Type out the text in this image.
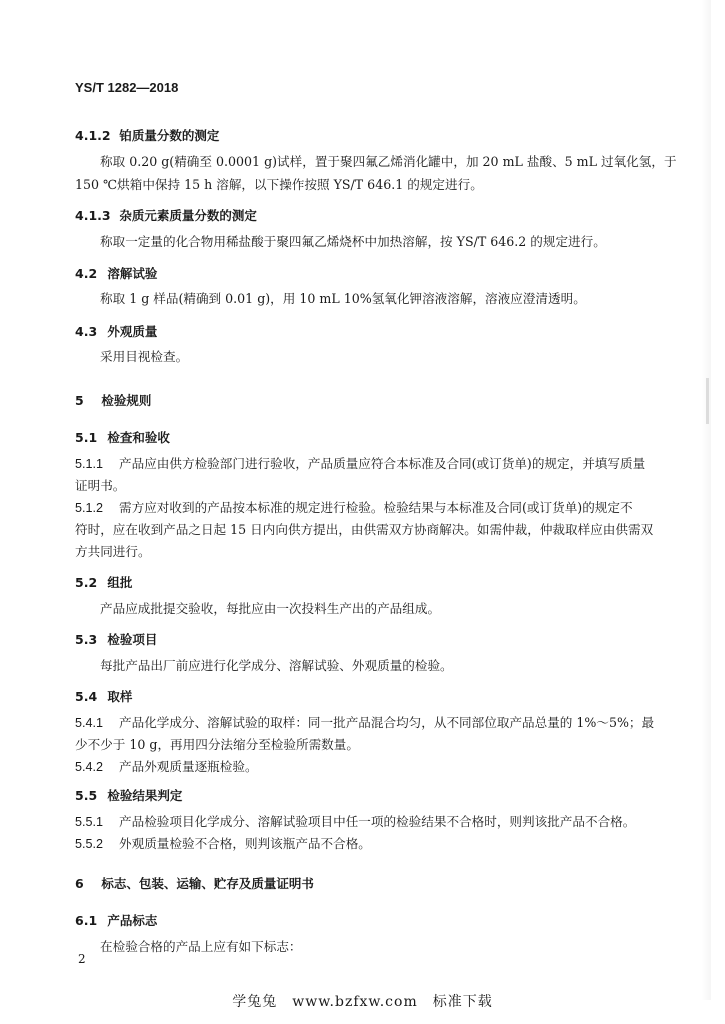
YS/T 1282—2018
4.1.2 铂质量分数的测定
称取 0.20 g(精确至 0.0001 g)试样，置于聚四氟乙烯消化罐中，加 20 mL 盐酸、5 mL 过氧化氢，于
150 ℃烘箱中保持 15 h 溶解，以下操作按照 YS/T 646.1 的规定进行。
4.1.3 杂质元素质量分数的测定
称取一定量的化合物用稀盐酸于聚四氟乙烯烧杯中加热溶解，按 YS/T 646.2 的规定进行。
4.2 溶解试验
称取 1 g 样品(精确到 0.01 g)，用 10 mL 10%氢氧化钾溶液溶解，溶液应澄清透明。
4.3 外观质量
采用目视检查。
5 检验规则
5.1 检查和验收
5.1.1 产品应由供方检验部门进行验收，产品质量应符合本标准及合同(或订货单)的规定，并填写质量
证明书。
5.1.2 需方应对收到的产品按本标准的规定进行检验。检验结果与本标准及合同(或订货单)的规定不
符时，应在收到产品之日起 15 日内向供方提出，由供需双方协商解决。如需仲裁，仲裁取样应由供需双
方共同进行。
5.2 组批
产品应成批提交验收，每批应由一次投料生产出的产品组成。
5.3 检验项目
每批产品出厂前应进行化学成分、溶解试验、外观质量的检验。
5.4 取样
5.4.1 产品化学成分、溶解试验的取样：同一批产品混合均匀，从不同部位取产品总量的 1%～5%；最
少不少于 10 g，再用四分法缩分至检验所需数量。
5.4.2 产品外观质量逐瓶检验。
5.5 检验结果判定
5.5.1 产品检验项目化学成分、溶解试验项目中任一项的检验结果不合格时，则判该批产品不合格。
5.5.2 外观质量检验不合格，则判该瓶产品不合格。
6 标志、包装、运输、贮存及质量证明书
6.1 产品标志
在检验合格的产品上应有如下标志：
2
学兔兔　www.bzfxw.com　标准下载
